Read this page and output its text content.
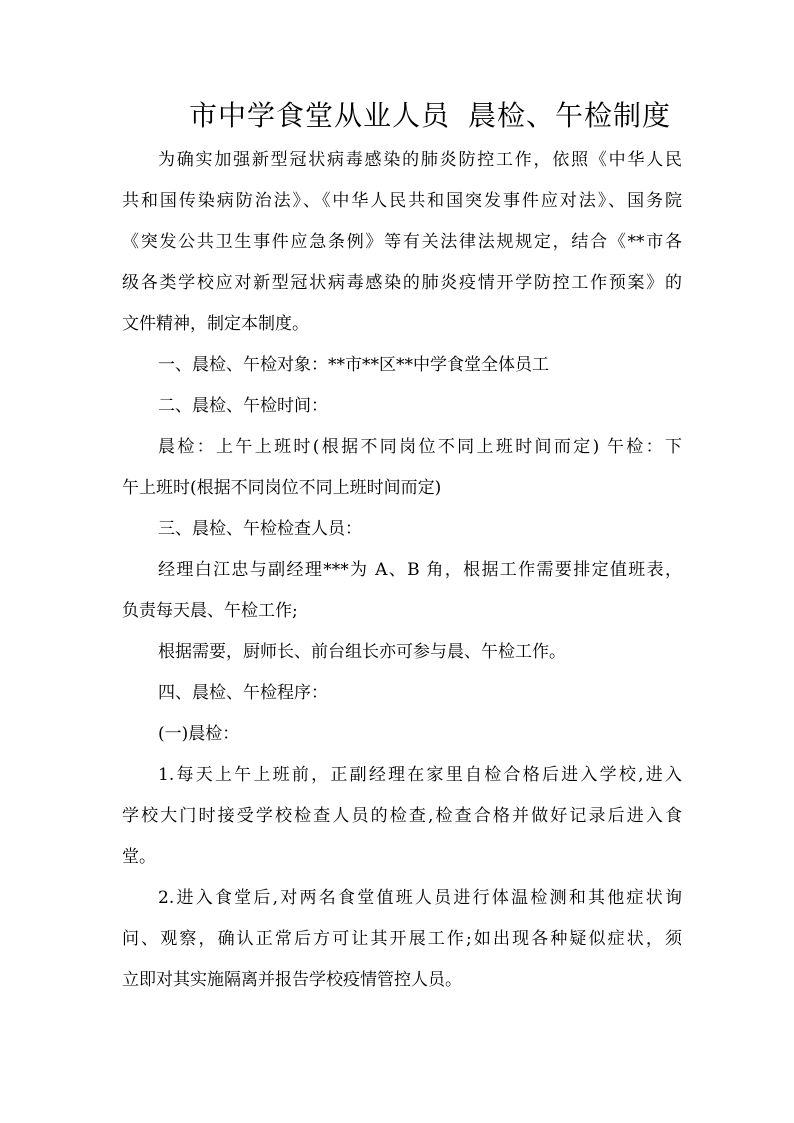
市中学食堂从业人员 晨检、午检制度
为确实加强新型冠状病毒感染的肺炎防控工作，依照《中华人民
共和国传染病防治法》、《中华人民共和国突发事件应对法》、国务院
《突发公共卫生事件应急条例》等有关法律法规规定，结合《**市各
级各类学校应对新型冠状病毒感染的肺炎疫情开学防控工作预案》的
文件精神，制定本制度。
一、晨检、午检对象：**市**区**中学食堂全体员工
二、晨检、午检时间：
晨检：上午上班时(根据不同岗位不同上班时间而定) 午检：下
午上班时(根据不同岗位不同上班时间而定)
三、晨检、午检检查人员：
经理白江忠与副经理***为 A、B 角，根据工作需要排定值班表，
负责每天晨、午检工作;
根据需要，厨师长、前台组长亦可参与晨、午检工作。
四、晨检、午检程序：
(一)晨检：
1.每天上午上班前，正副经理在家里自检合格后进入学校,进入
学校大门时接受学校检查人员的检查,检查合格并做好记录后进入食
堂。
2.进入食堂后,对两名食堂值班人员进行体温检测和其他症状询
问、观察，确认正常后方可让其开展工作;如出现各种疑似症状，须
立即对其实施隔离并报告学校疫情管控人员。
